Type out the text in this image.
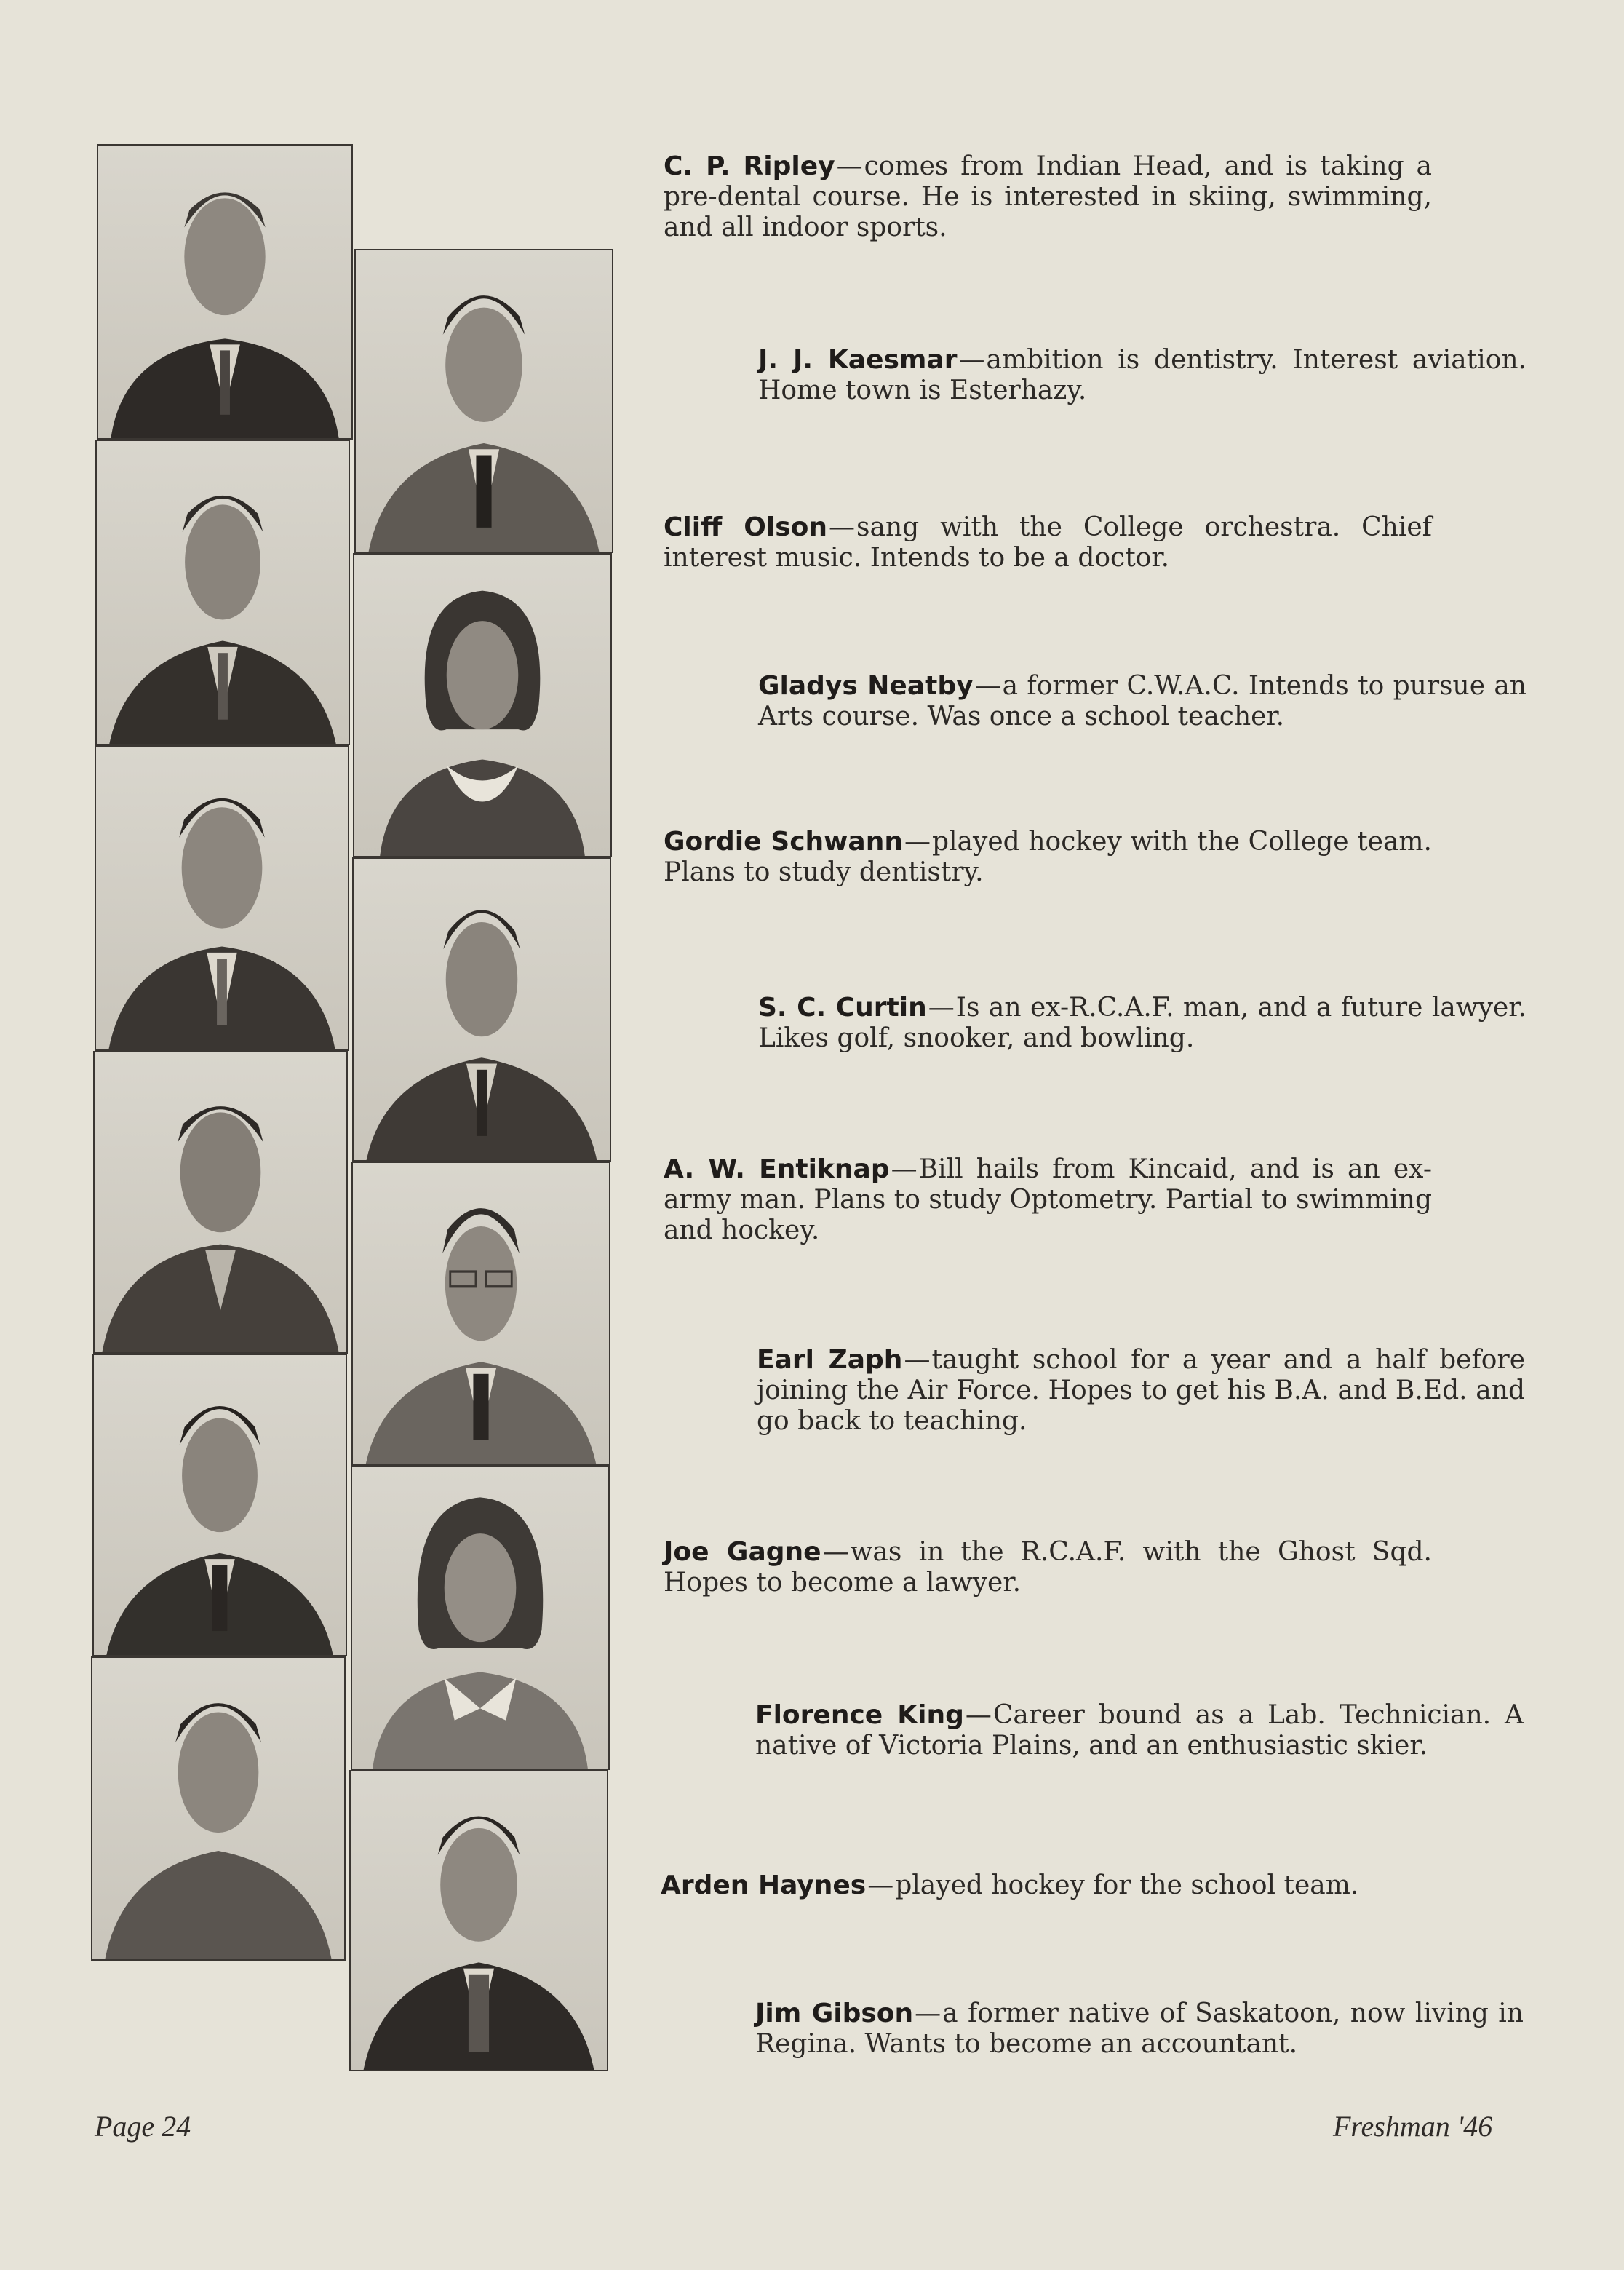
C. P. Ripley—comes from Indian Head, and is taking a pre-dental course. He is interested in skiing, swimming, and all indoor sports.

J. J. Kaesmar—ambition is dentistry. Interest aviation. Home town is Esterhazy.

Cliff Olson—sang with the College orchestra. Chief interest music. Intends to be a doctor.

Gladys Neatby—a former C.W.A.C. Intends to pursue an Arts course. Was once a school teacher.

Gordie Schwann—played hockey with the College team. Plans to study dentistry.

S. C. Curtin—Is an ex-R.C.A.F. man, and a future lawyer. Likes golf, snooker, and bowling.

A. W. Entiknap—Bill hails from Kincaid, and is an ex-army man. Plans to study Optometry. Partial to swimming and hockey.

Earl Zaph—taught school for a year and a half before joining the Air Force. Hopes to get his B.A. and B.Ed. and go back to teaching.

Joe Gagne—was in the R.C.A.F. with the Ghost Sqd. Hopes to become a lawyer.

Florence King—Career bound as a Lab. Technician. A native of Victoria Plains, and an enthusiastic skier.

Arden Haynes—played hockey for the school team.

Jim Gibson—a former native of Saskatoon, now living in Regina. Wants to become an accountant.

Page 24	Freshman '46
